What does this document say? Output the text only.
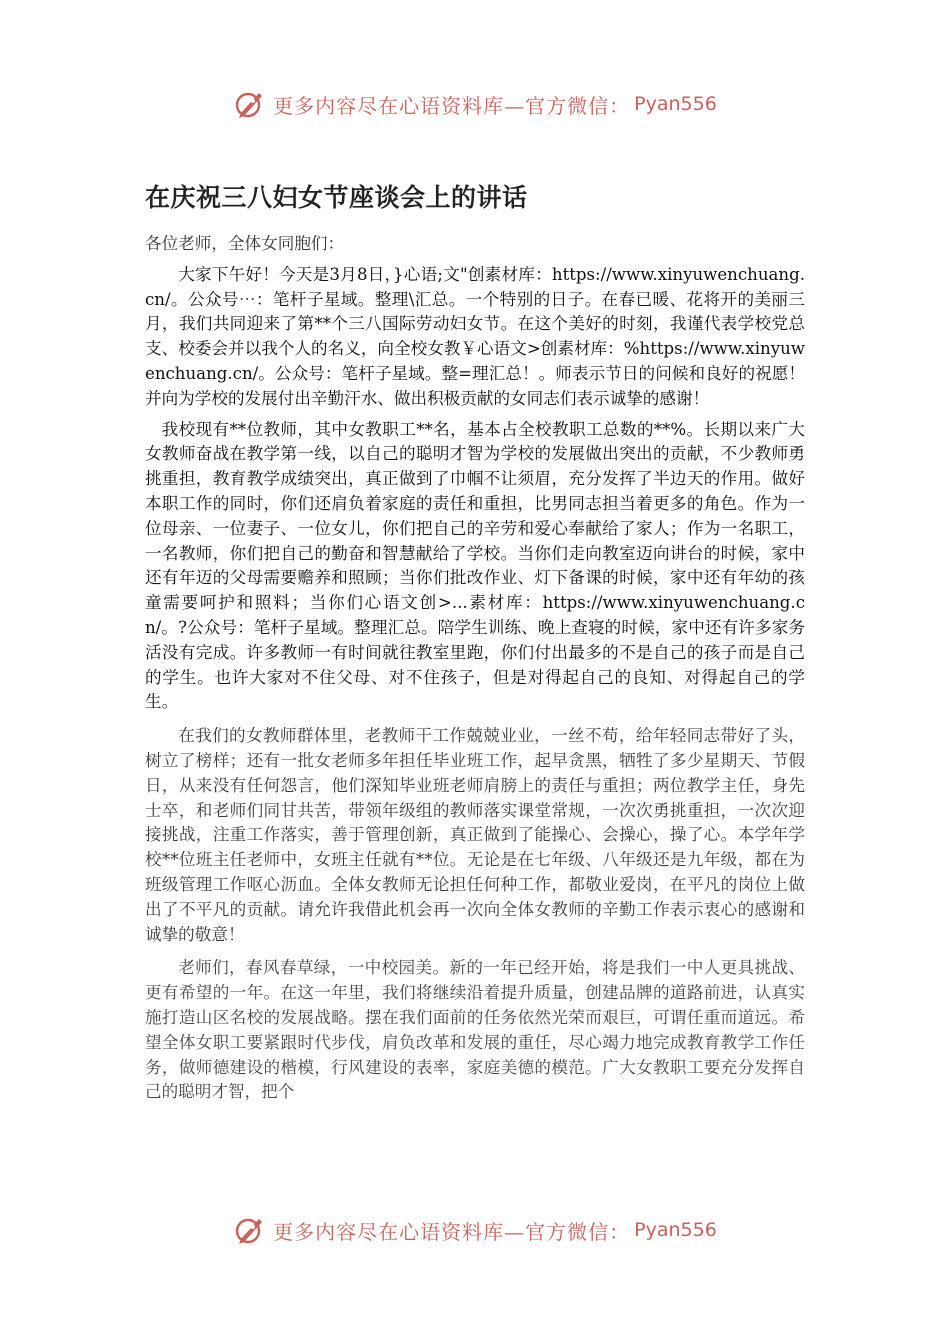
更多内容尽在心语资料库—官方微信： Pyan556
在庆祝三八妇女节座谈会上的讲话

各位老师，全体女同胞们：

大家下午好！今天是3月8日，}心语;文"创素材库：https://www.xinyuwenchuang.cn/。公众号⋯：笔杆子星域。整理\汇总。一个特别的日子。在春已暖、花将开的美丽三月，我们共同迎来了第**个三八国际劳动妇女节。在这个美好的时刻，我谨代表学校党总支、校委会并以我个人的名义，向全校女教￥心语文>创素材库：%https://www.xinyuwenchuang.cn/。公众号：笔杆子星域。整=理汇总！。师表示节日的问候和良好的祝愿！并向为学校的发展付出辛勤汗水、做出积极贡献的女同志们表示诚挚的感谢！

我校现有**位教师，其中女教职工**名，基本占全校教职工总数的**%。长期以来广大女教师奋战在教学第一线，以自己的聪明才智为学校的发展做出突出的贡献，不少教师勇挑重担，教育教学成绩突出，真正做到了巾帼不让须眉，充分发挥了半边天的作用。做好本职工作的同时，你们还肩负着家庭的责任和重担，比男同志担当着更多的角色。作为一位母亲、一位妻子、一位女儿，你们把自己的辛劳和爱心奉献给了家人；作为一名职工，一名教师，你们把自己的勤奋和智慧献给了学校。当你们走向教室迈向讲台的时候，家中还有年迈的父母需要赡养和照顾；当你们批改作业、灯下备课的时候，家中还有年幼的孩童需要呵护和照料；当你们心语文创>...素材库：https://www.xinyuwenchuang.cn/。?公众号：笔杆子星域。整理汇总。陪学生训练、晚上查寝的时候，家中还有许多家务活没有完成。许多教师一有时间就往教室里跑，你们付出最多的不是自己的孩子而是自己的学生。也许大家对不住父母、对不住孩子，但是对得起自己的良知、对得起自己的学生。

在我们的女教师群体里，老教师干工作兢兢业业，一丝不苟，给年轻同志带好了头，树立了榜样；还有一批女老师多年担任毕业班工作，起早贪黑，牺牲了多少星期天、节假日，从来没有任何怨言，他们深知毕业班老师肩膀上的责任与重担；两位教学主任，身先士卒，和老师们同甘共苦，带领年级组的教师落实课堂常规，一次次勇挑重担，一次次迎接挑战，注重工作落实，善于管理创新，真正做到了能操心、会操心，操了心。本学年学校**位班主任老师中，女班主任就有**位。无论是在七年级、八年级还是九年级，都在为班级管理工作呕心沥血。全体女教师无论担任何种工作，都敬业爱岗，在平凡的岗位上做出了不平凡的贡献。请允许我借此机会再一次向全体女教师的辛勤工作表示衷心的感谢和诚挚的敬意！

老师们，春风春草绿，一中校园美。新的一年已经开始，将是我们一中人更具挑战、更有希望的一年。在这一年里，我们将继续沿着提升质量，创建品牌的道路前进，认真实施打造山区名校的发展战略。摆在我们面前的任务依然光荣而艰巨，可谓任重而道远。希望全体女职工要紧跟时代步伐，肩负改革和发展的重任，尽心竭力地完成教育教学工作任务，做师德建设的楷模，行风建设的表率，家庭美德的模范。广大女教职工要充分发挥自己的聪明才智，把个

更多内容尽在心语资料库—官方微信： Pyan556
